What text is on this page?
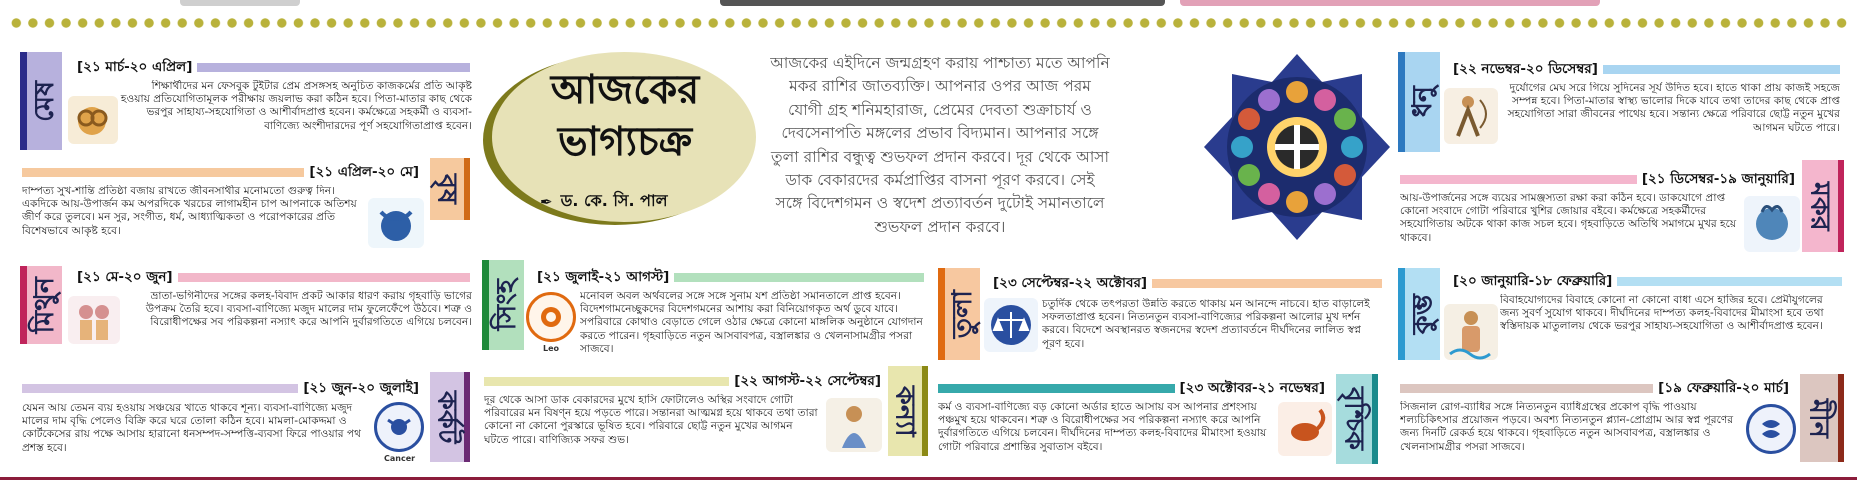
মেষ
[২১ মার্চ-২০ এপ্রিল]
শিক্ষার্থীদের মন ফেসবুক টুইটার প্রেম প্রসঙ্গসহ অনুচিত কাজকর্মের প্রতি আকৃষ্ট হওয়ায় প্রতিযোগিতামূলক পরীক্ষায় জয়লাভ করা কঠিন হবে। পিতা-মাতার কাছ থেকে ভরপুর সাহায্য-সহযোগিতা ও আশীর্বাদপ্রাপ্ত হবেন। কর্মক্ষেত্রে সহকর্মী ও ব্যবসা-বাণিজ্যে অংশীদারদের পূর্ণ সহযোগিতাপ্রাপ্ত হবেন।
[২১ এপ্রিল-২০ মে]
বৃষ
দাম্পত্য সুখ-শান্তি প্রতিষ্ঠা বজায় রাখতে জীবনসাথীর মনোমতো গুরুত্ব দিন। একদিকে আয়-উপার্জন কম অপরদিকে খরচের লাগামহীন চাপ আপনাকে অতিশয় জীর্ণ করে তুলবে। মন সুর, সংগীত, ধর্ম, আধ্যাত্মিকতা ও পরোপকারের প্রতি বিশেষভাবে আকৃষ্ট হবে।
মিথুন	[২১ মে-২০ জুন]
ভ্রাতা-ভগিনীদের সঙ্গের কলহ-বিবাদ প্রকট আকার ধারণ করায় গৃহবাড়ি ভাগের উপক্রম তৈরি হবে। ব্যবসা-বাণিজ্যে মজুদ মালের দাম ফুলেফেঁপে উঠবে। শত্রু ও বিরোধীপক্ষের সব পরিকল্পনা নস্যাৎ করে আপনি দুর্বারগতিতে এগিয়ে চলবেন।
[২১ জুন-২০ জুলাই]
কর্কট
যেমন আয় তেমন ব্যয় হওয়ায় সঞ্চয়ের খাতে থাকবে শূন্য। ব্যবসা-বাণিজ্যে মজুদ মালের দাম বৃদ্ধি পেলেও বিক্রি করে ঘরে তোলা কঠিন হবে। মামলা-মোকদ্দমা ও কোর্টকেসের রায় পক্ষে আসায় হারানো ধনসম্পদ-সম্পত্তি-ব্যবসা ফিরে পাওয়ার পথ প্রশস্ত হবে।
Cancer
আজকের
ভাগ্যচক্র
✒ ড. কে. সি. পাল
আজকের এইদিনে জন্মগ্রহণ করায় পাশ্চাত্য মতে আপনি মকর রাশির জাতব্যক্তি। আপনার ওপর আজ পরম যোগী গ্রহ শনিমহারাজ, প্রেমের দেবতা শুক্রাচার্য ও দেবসেনাপতি মঙ্গলের প্রভাব বিদ্যমান। আপনার সঙ্গে তুলা রাশির বন্ধুত্ব শুভফল প্রদান করবে। দূর থেকে আসা ডাক বেকারদের কর্মপ্রাপ্তির বাসনা পূরণ করবে। সেই সঙ্গে বিদেশগমন ও স্বদেশ প্রত্যাবর্তন দুটোই সমানতালে শুভফল প্রদান করবে।
সিংহ
[২১ জুলাই-২১ আগস্ট]
Leo
মনোবল অবল অর্থবলের সঙ্গে সঙ্গে সুনাম যশ প্রতিষ্ঠা সমানতালে প্রাপ্ত হবেন। বিদেশগামনেচ্ছুকদের বিদেশগমনের আশায় করা বিনিয়োগকৃত অর্থ ডুবে যাবে। সপরিবারে কোথাও বেড়াতে গেলে ওঠার ক্ষেত্রে কোনো মাঙ্গলিক অনুষ্ঠানে যোগদান করতে পারেন। গৃহবাড়িতে নতুন আসবাবপত্র, বস্ত্রালঙ্কার ও খেলনাসামগ্রীর পসরা সাজবে।
[২২ আগস্ট-২২ সেপ্টেম্বর]
কন্যা
দূর থেকে আসা ডাক বেকারদের মুখে হাসি ফোটালেও অস্থির সংবাদে গোটা পরিবারের মন বিষণ্ন হয়ে পড়তে পারে। সন্তানরা আত্মমগ্ন হয়ে থাকবে তথা তারা কোনো না কোনো পুরস্কারে ভূষিত হবে। পরিবারে ছোট্ট নতুন মুখের আগমন ঘটতে পারে। বাণিজ্যিক সফর শুভ।
তুলা
[২৩ সেপ্টেম্বর-২২ অক্টোবর]
চতুর্দিক থেকে তৎপরতা উন্নতি করতে থাকায় মন আনন্দে নাচবে। হাত বাড়ালেই সফলতাপ্রাপ্ত হবেন। নিত্যনতুন ব্যবসা-বাণিজ্যের পরিকল্পনা আলোর মুখ দর্শন করবে। বিদেশে অবস্থানরত স্বজনদের স্বদেশ প্রত্যাবর্তনে দীর্ঘদিনের লালিত স্বপ্ন পূরণ হবে।
[২৩ অক্টোবর-২১ নভেম্বর] বৃশ্চিক
কর্ম ও ব্যবসা-বাণিজ্যে বড় কোনো অর্ডার হাতে আসায় বস আপনার প্রশংসায় পঞ্চমুখ হয়ে থাকবেন। শত্রু ও বিরোধীপক্ষের সব পরিকল্পনা নস্যাৎ করে আপনি দুর্বারগতিতে এগিয়ে চলবেন। দীর্ঘদিনের দাম্পত্য কলহ-বিবাদের মীমাংসা হওয়ায় গোটা পরিবারে প্রশান্তির সুবাতাস বইবে।
ধনু
[২২ নভেম্বর-২০ ডিসেম্বর]
দুর্যোগের মেঘ সরে গিয়ে সুদিনের সূর্য উদিত হবে। হাতে থাকা প্রায় কাজই সহজে সম্পন্ন হবে। পিতা-মাতার স্বাস্থ্য ভালোর দিকে যাবে তথা তাদের কাছ থেকে প্রাপ্ত সহযোগিতা সারা জীবনের পাথেয় হবে। সন্তান্য ক্ষেত্রে পরিবারে ছোট্ট নতুন মুখের আগমন ঘটতে পারে।
[২১ ডিসেম্বর-১৯ জানুয়ারি]
মকর
আয়-উপার্জনের সঙ্গে ব্যয়ের সামঞ্জস্যতা রক্ষা করা কঠিন হবে। ডাকযোগে প্রাপ্ত কোনো সংবাদে গোটা পরিবারে খুশির জোয়ার বইবে। কর্মক্ষেত্রে সহকর্মীদের সহযোগিতায় অটকে থাকা কাজ সচল হবে। গৃহবাড়িতে অতিথি সমাগমে মুখর হয়ে থাকবে।
কুম্ভ
[২০ জানুয়ারি-১৮ ফেব্রুয়ারি]
বিবাহযোগ্যদের বিবাহে কোনো না কোনো বাধা এসে হাজির হবে। প্রেমীযুগলের জন্য সুবর্ণ সুযোগ থাকবে। দীর্ঘদিনের দাম্পত্য কলহ-বিবাদের মীমাংসা হবে তথা স্বস্তিদায়ক মাতুলালয় থেকে ভরপুর সাহায্য-সহযোগিতা ও আশীর্বাদপ্রাপ্ত হবেন।
[১৯ ফেব্রুয়ারি-২০ মার্চ]
মীন
সিজনাল রোগ-ব্যাধির সঙ্গে নিত্যনতুন ব্যাধিগ্রস্থের প্রকোপ বৃদ্ধি পাওয়ায় শল্যচিকিৎসার প্রয়োজন পড়বে। অবশ্য নিত্যনতুন প্ল্যান-প্রোগ্রাম আর স্বপ্ন পূরণের জন্য দিনটি রেকর্ড হয়ে থাকবে। গৃহবাড়িতে নতুন আসবাবপত্র, বস্ত্রালঙ্কার ও খেলনাসামগ্রীর পসরা সাজবে।
